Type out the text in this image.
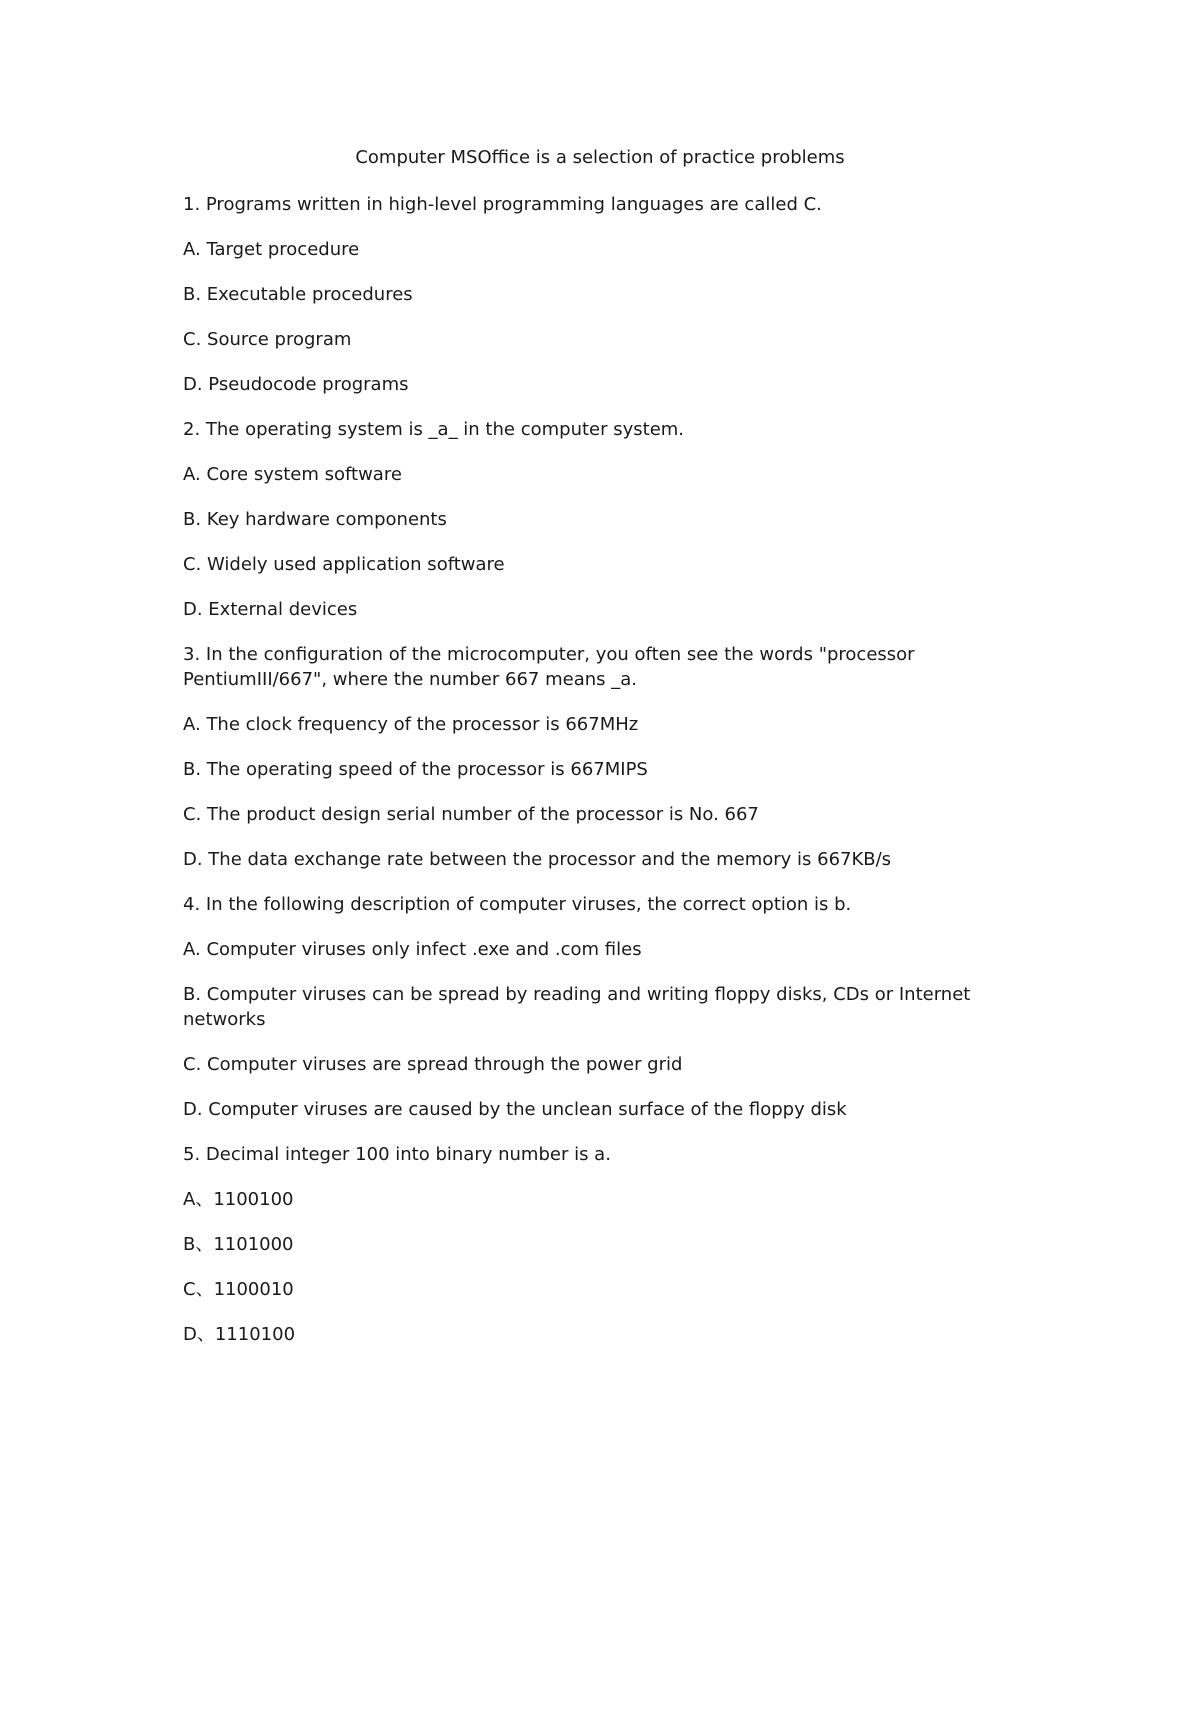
Computer MSOffice is a selection of practice problems

1. Programs written in high-level programming languages are called C.

A. Target procedure

B. Executable procedures

C. Source program

D. Pseudocode programs

2. The operating system is _a_ in the computer system.

A. Core system software

B. Key hardware components

C. Widely used application software

D. External devices

3. In the configuration of the microcomputer, you often see the words "processor PentiumIII/667", where the number 667 means _a.

A. The clock frequency of the processor is 667MHz

B. The operating speed of the processor is 667MIPS

C. The product design serial number of the processor is No. 667

D. The data exchange rate between the processor and the memory is 667KB/s

4. In the following description of computer viruses, the correct option is b.

A. Computer viruses only infect .exe and .com files

B. Computer viruses can be spread by reading and writing floppy disks, CDs or Internet networks

C. Computer viruses are spread through the power grid

D. Computer viruses are caused by the unclean surface of the floppy disk

5. Decimal integer 100 into binary number is a.

A、1100100

B、1101000

C、1100010

D、1110100
